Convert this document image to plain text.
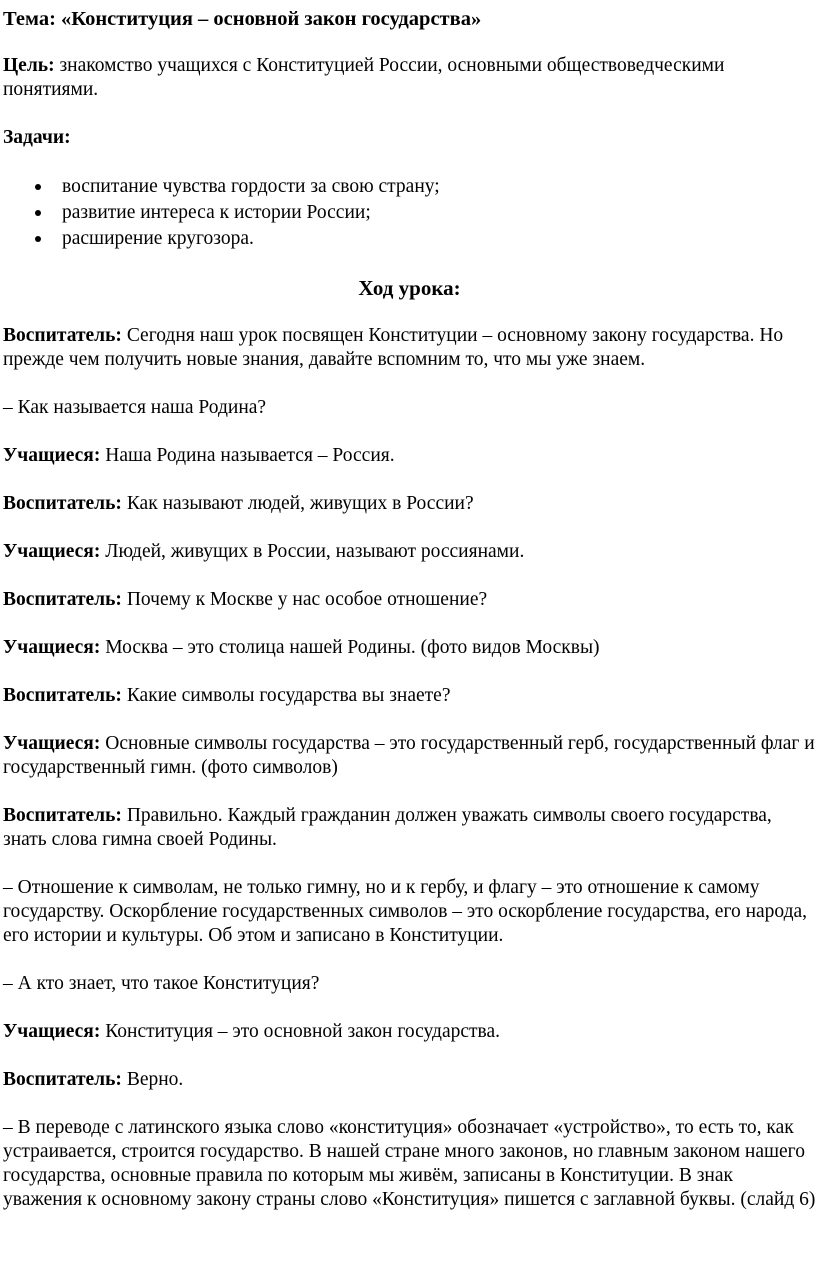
Тема: «Конституция – основной закон государства»
Цель: знакомство учащихся с Конституцией России, основными обществоведческими понятиями.
Задачи:
воспитание чувства гордости за свою страну;
развитие интереса к истории России;
расширение кругозора.
Ход урока:
Воспитатель: Сегодня наш урок посвящен Конституции – основному закону государства. Но прежде чем получить новые знания, давайте вспомним то, что мы уже знаем.
– Как называется наша Родина?
Учащиеся: Наша Родина называется – Россия.
Воспитатель: Как называют людей, живущих в России?
Учащиеся: Людей, живущих в России, называют россиянами.
Воспитатель: Почему к Москве у нас особое отношение?
Учащиеся: Москва – это столица нашей Родины. (фото видов Москвы)
Воспитатель: Какие символы государства вы знаете?
Учащиеся: Основные символы государства – это государственный герб, государственный флаг и государственный гимн. (фото символов)
Воспитатель: Правильно. Каждый гражданин должен уважать символы своего государства, знать слова гимна своей Родины.
– Отношение к символам, не только гимну, но и к гербу, и флагу – это отношение к самому государству. Оскорбление государственных символов – это оскорбление государства, его народа, его истории и культуры. Об этом и записано в Конституции.
– А кто знает, что такое Конституция?
Учащиеся: Конституция – это основной закон государства.
Воспитатель: Верно.
– В переводе с латинского языка слово «конституция» обозначает «устройство», то есть то, как устраивается, строится государство. В нашей стране много законов, но главным законом нашего государства, основные правила по которым мы живём, записаны в Конституции. В знак уважения к основному закону страны слово «Конституция» пишется с заглавной буквы. (слайд 6)
